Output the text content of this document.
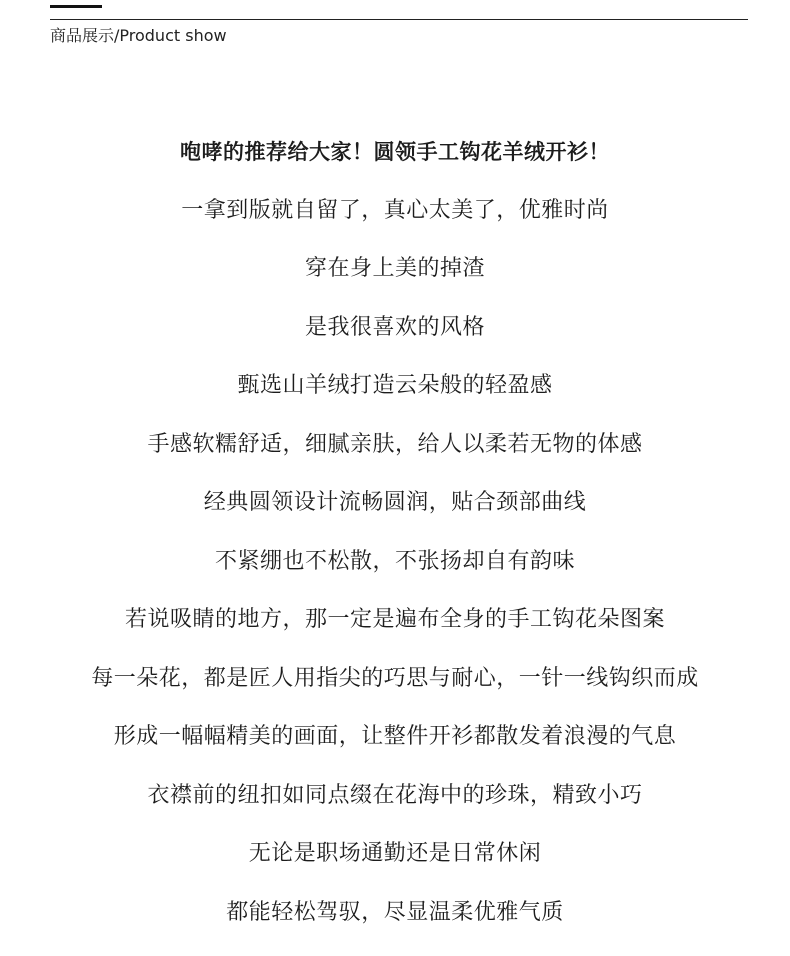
商品展示/Product show
咆哮的推荐给大家！圆领手工钩花羊绒开衫！
一拿到版就自留了，真心太美了，优雅时尚
穿在身上美的掉渣
是我很喜欢的风格
甄选山羊绒打造云朵般的轻盈感
手感软糯舒适，细腻亲肤，给人以柔若无物的体感
经典圆领设计流畅圆润，贴合颈部曲线
不紧绷也不松散，不张扬却自有韵味
若说吸睛的地方，那一定是遍布全身的手工钩花朵图案
每一朵花，都是匠人用指尖的巧思与耐心，一针一线钩织而成
形成一幅幅精美的画面，让整件开衫都散发着浪漫的气息
衣襟前的纽扣如同点缀在花海中的珍珠，精致小巧
无论是职场通勤还是日常休闲
都能轻松驾驭，尽显温柔优雅气质
